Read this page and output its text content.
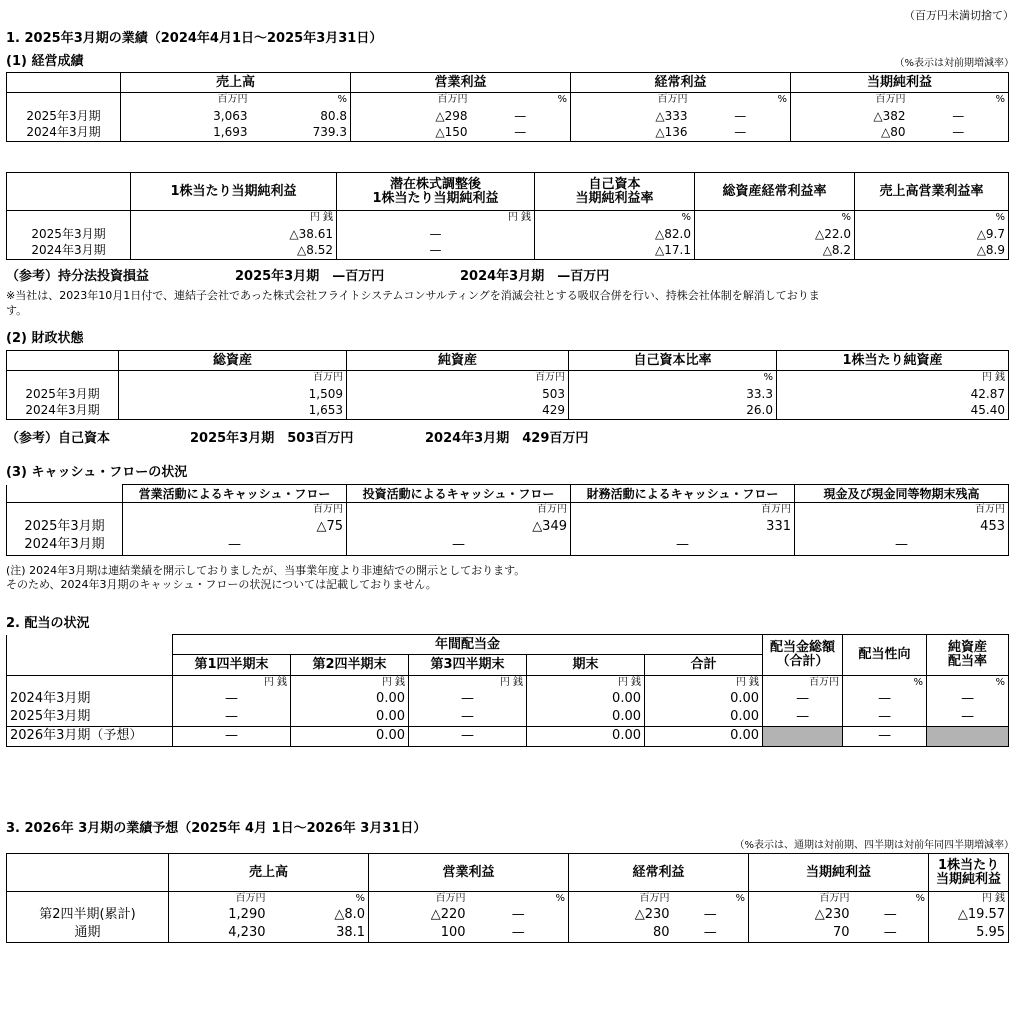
（百万円未満切捨て）
1. 2025年3月期の業績（2024年4月1日～2025年3月31日）
(1) 経営成績	（%表示は対前期増減率）
	売上高		営業利益		経常利益		当期純利益	
	百万円	%	百万円	%	百万円	%	百万円	%
2025年3月期	3,063	80.8	△298	—	△333	—	△382	—
2024年3月期	1,693	739.3	△150	—	△136	—	△80	—
	1株当たり当期純利益	潜在株式調整後
1株当たり当期純利益	自己資本
当期純利益率	総資産経常利益率	売上高営業利益率
	円 銭	円 銭	%	%	%
2025年3月期	△38.61	—	△82.0	△22.0	△9.7
2024年3月期	△8.52	—	△17.1	△8.2	△8.9
（参考）持分法投資損益	2025年3月期　—百万円	2024年3月期　—百万円
※当社は、2023年10月1日付で、連結子会社であった株式会社フライトシステムコンサルティングを消滅会社とする吸収合併を行い、持株会社体制を解消しておりま
す。
(2) 財政状態
	総資産	純資産	自己資本比率	1株当たり純資産
	百万円	百万円	%	円 銭
2025年3月期	1,509	503	33.3	42.87
2024年3月期	1,653	429	26.0	45.40
（参考）自己資本	2025年3月期　503百万円	2024年3月期　429百万円
(3) キャッシュ・フローの状況
	営業活動によるキャッシュ・フロー	投資活動によるキャッシュ・フロー	財務活動によるキャッシュ・フロー	現金及び現金同等物期末残高
	百万円	百万円	百万円	百万円
2025年3月期	△75	△349	331	453
2024年3月期	—	—	—	—
(注) 2024年3月期は連結業績を開示しておりましたが、当事業年度より非連結での開示としております。
そのため、2024年3月期のキャッシュ・フローの状況については記載しておりません。
2. 配当の状況
	年間配当金					配当金総額
（合計）	配当性向	純資産
配当率
	第1四半期末	第2四半期末	第3四半期末	期末	合計			
	円 銭	円 銭	円 銭	円 銭	円 銭	百万円	%	%
2024年3月期	—	0.00	—	0.00	0.00	—	—	—
2025年3月期	—	0.00	—	0.00	0.00	—	—	—
2026年3月期（予想）	—	0.00	—	0.00	0.00		—	
3. 2026年 3月期の業績予想（2025年 4月 1日～2026年 3月31日）
（%表示は、通期は対前期、四半期は対前年同四半期増減率）
	売上高		営業利益		経常利益		当期純利益		1株当たり
当期純利益
	百万円	%	百万円	%	百万円	%	百万円	%	円 銭
第2四半期(累計)	1,290	△8.0	△220	—	△230	—	△230	—	△19.57
通期	4,230	38.1	100	—	80	—	70	—	5.95
